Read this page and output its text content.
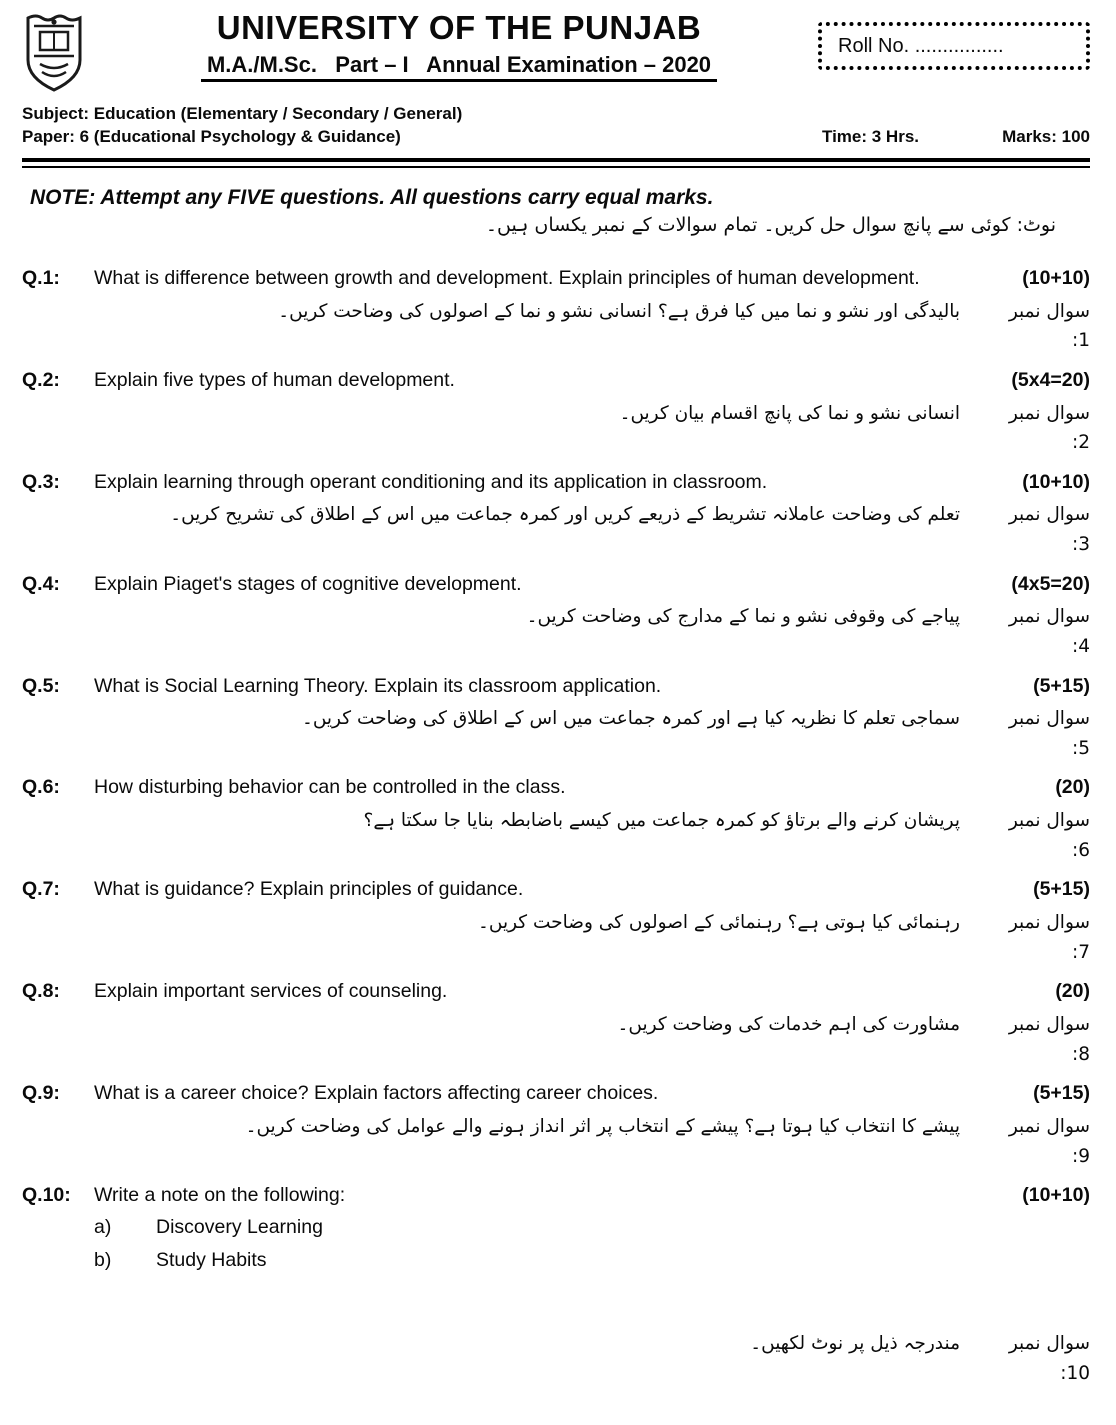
UNIVERSITY OF THE PUNJAB
M.A./M.Sc.   Part – I   Annual Examination – 2020
Roll No. ................
Subject: Education (Elementary / Secondary / General)
Paper: 6 (Educational Psychology & Guidance)	Time: 3 Hrs.	Marks: 100
NOTE: Attempt any FIVE questions. All questions carry equal marks.
نوٹ: کوئی سے پانچ سوال حل کریں۔ تمام سوالات کے نمبر یکساں ہیں۔
Q.1:	What is difference between growth and development. Explain principles of human development.	(10+10)
سوال نمبر 1:
بالیدگی اور نشو و نما میں کیا فرق ہے؟ انسانی نشو و نما کے اصولوں کی وضاحت کریں۔
Q.2:	Explain five types of human development.	(5x4=20)
سوال نمبر 2:
انسانی نشو و نما کی پانچ اقسام بیان کریں۔
Q.3:	Explain learning through operant conditioning and its application in classroom.	(10+10)
سوال نمبر 3:
تعلم کی وضاحت عاملانہ تشریط کے ذریعے کریں اور کمرہ جماعت میں اس کے اطلاق کی تشریح کریں۔
Q.4:	Explain Piaget's stages of cognitive development.	(4x5=20)
سوال نمبر 4:
پیاجے کی وقوفی نشو و نما کے مدارج کی وضاحت کریں۔
Q.5:	What is Social Learning Theory. Explain its classroom application.	(5+15)
سوال نمبر 5:
سماجی تعلم کا نظریہ کیا ہے اور کمرہ جماعت میں اس کے اطلاق کی وضاحت کریں۔
Q.6:	How disturbing behavior can be controlled in the class.	(20)
سوال نمبر 6:
پریشان کرنے والے برتاؤ کو کمرہ جماعت میں کیسے باضابطہ بنایا جا سکتا ہے؟
Q.7:	What is guidance? Explain principles of guidance.	(5+15)
سوال نمبر 7:
رہنمائی کیا ہوتی ہے؟ رہنمائی کے اصولوں کی وضاحت کریں۔
Q.8:	Explain important services of counseling.	(20)
سوال نمبر 8:
مشاورت کی اہم خدمات کی وضاحت کریں۔
Q.9:	What is a career choice? Explain factors affecting career choices.	(5+15)
سوال نمبر 9:
پیشے کا انتخاب کیا ہوتا ہے؟ پیشے کے انتخاب پر اثر انداز ہونے والے عوامل کی وضاحت کریں۔
Q.10:	Write a note on the following:	(10+10)
a)	Discovery Learning
b)	Study Habits
سوال نمبر 10:
مندرجہ ذیل پر نوٹ لکھیں۔
